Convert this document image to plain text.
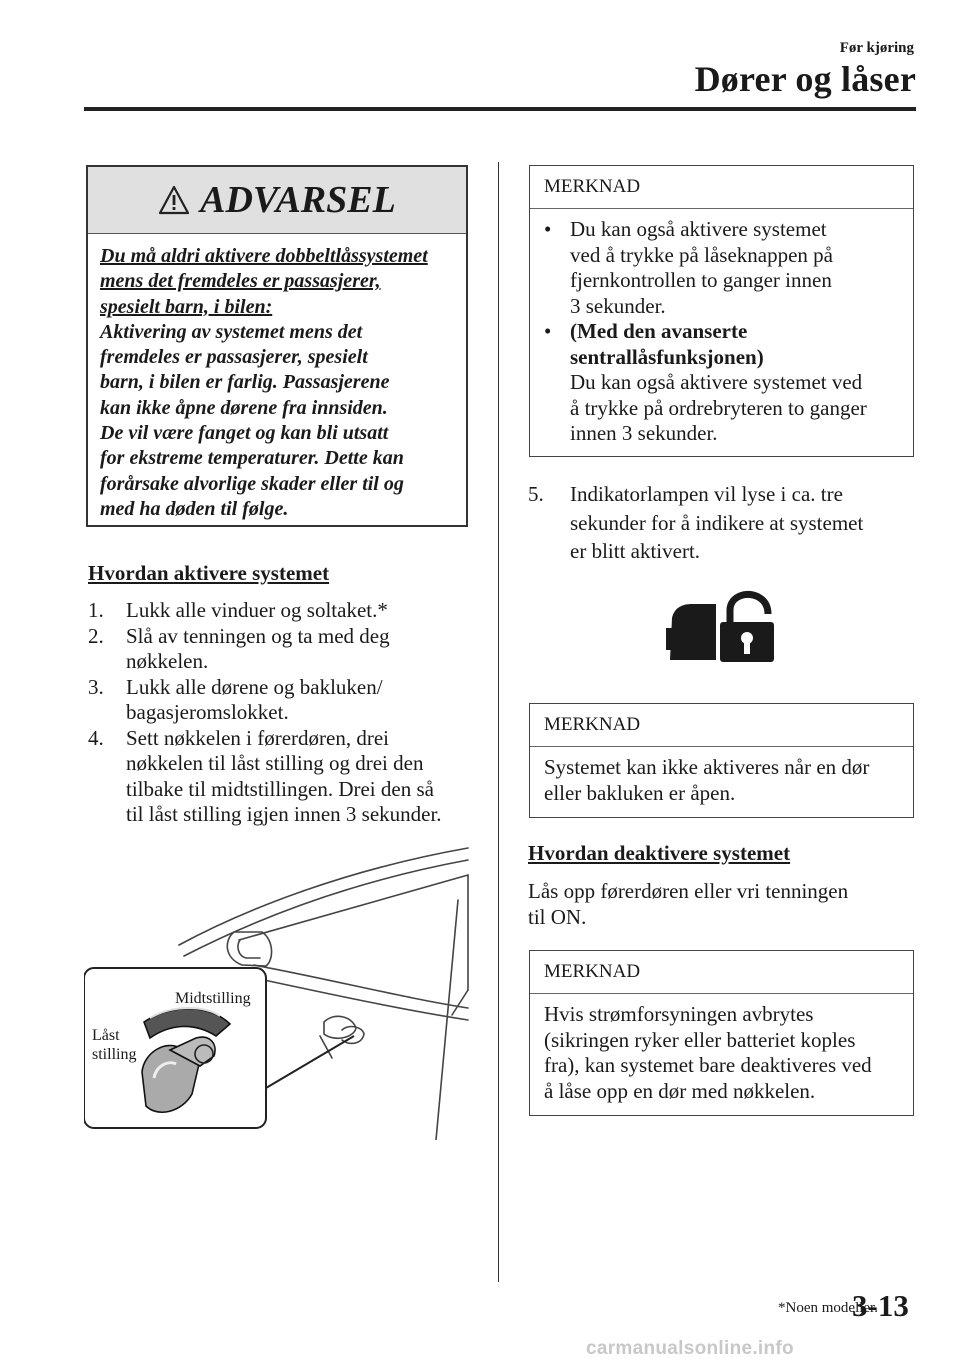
Før kjøring
Dører og låser
ADVARSEL

Du må aldri aktivere dobbeltlåssystemet

mens det fremdeles er passasjerer,

spesielt barn, i bilen:

Aktivering av systemet mens det

fremdeles er passasjerer, spesielt

barn, i bilen er farlig. Passasjerene

kan ikke åpne dørene fra innsiden.

De vil være fanget og kan bli utsatt

for ekstreme temperaturer. Dette kan

forårsake alvorlige skader eller til og

med ha døden til følge.

Hvordan aktivere systemet
1.	Lukk alle vinduer og soltaket.*
2.	Slå av tenningen og ta med deg
nøkkelen.
3.	Lukk alle dørene og bakluken/
bagasjeromslokket.
4.	Sett nøkkelen i førerdøren, drei
nøkkelen til låst stilling og drei den
tilbake til midtstillingen. Drei den så
til låst stilling igjen innen 3 sekunder.
Midtstilling
Låst
stilling
MERKNAD
• Du kan også aktivere systemet
ved å trykke på låseknappen på
fjernkontrollen to ganger innen
3 sekunder.
• (Med den avanserte
sentrallåsfunksjonen)
Du kan også aktivere systemet ved
å trykke på ordrebryteren to ganger
innen 3 sekunder.
5.	Indikatorlampen vil lyse i ca. tre
sekunder for å indikere at systemet
er blitt aktivert.
MERKNAD
Systemet kan ikke aktiveres når en dør
eller bakluken er åpen.
Hvordan deaktivere systemet
Lås opp førerdøren eller vri tenningen
til ON.
MERKNAD
Hvis strømforsyningen avbrytes
(sikringen ryker eller batteriet koples
fra), kan systemet bare deaktiveres ved
å låse opp en dør med nøkkelen.
*Noen modeller.
3-13
carmanualsonline.info
